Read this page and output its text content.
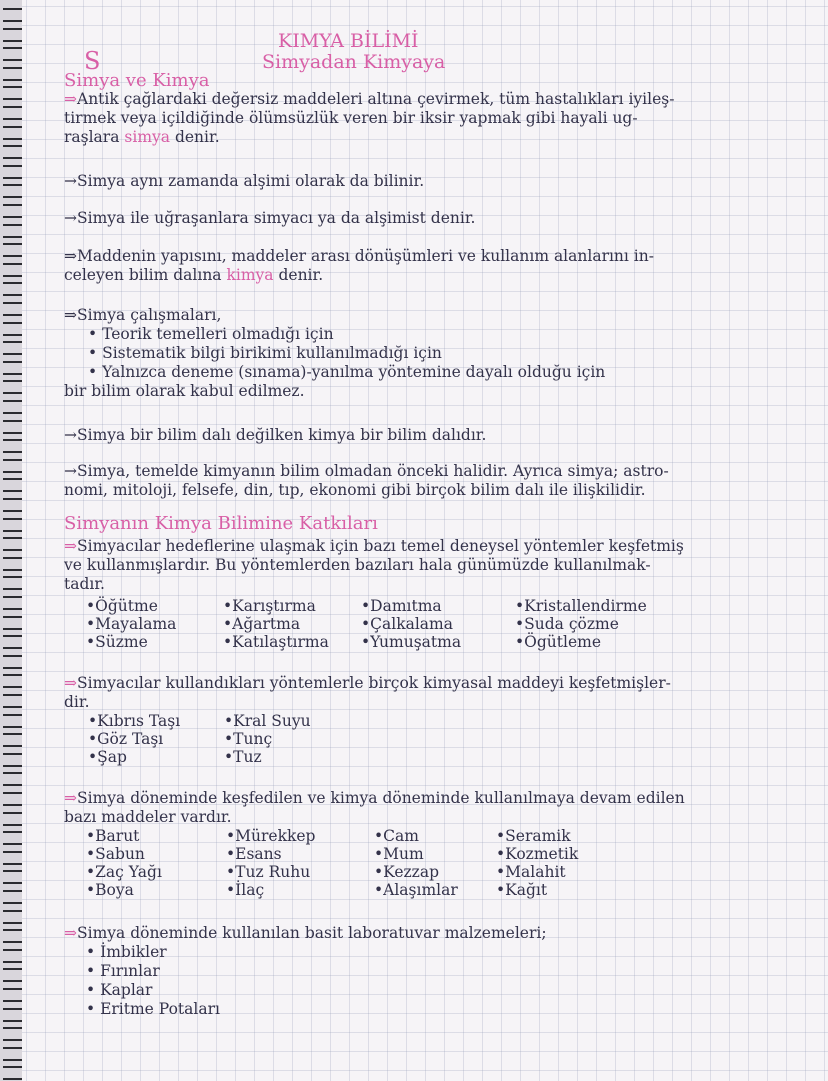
KIMYA BİLİMİ
S	Simyadan Kimyaya
Simya ve Kimya
⇒Antik çağlardaki değersiz maddeleri altına çevirmek, tüm hastalıkları iyileş-
tirmek veya içildiğinde ölümsüzlük veren bir iksir yapmak gibi hayali ug-
raşlara simya denir.
→Simya aynı zamanda alşimi olarak da bilinir.
→Simya ile uğraşanlara simyacı ya da alşimist denir.
⇒Maddenin yapısını, maddeler arası dönüşümleri ve kullanım alanlarını in-
celeyen bilim dalına kimya denir.
⇒Simya çalışmaları,
• Teorik temelleri olmadığı için
• Sistematik bilgi birikimi kullanılmadığı için
• Yalnızca deneme (sınama)-yanılma yöntemine dayalı olduğu için
bir bilim olarak kabul edilmez.
→Simya bir bilim dalı değilken kimya bir bilim dalıdır.
→Simya, temelde kimyanın bilim olmadan önceki halidir. Ayrıca simya; astro-
nomi, mitoloji, felsefe, din, tıp, ekonomi gibi birçok bilim dalı ile ilişkilidir.
Simyanın Kimya Bilimine Katkıları
⇒Simyacılar hedeflerine ulaşmak için bazı temel deneysel yöntemler keşfetmiş
ve kullanmışlardır. Bu yöntemlerden bazıları hala günümüzde kullanılmak-
tadır.
• Öğütme
• Mayalama
• Süzme
• Karıştırma
• Ağartma
• Katılaştırma
• Damıtma
• Çalkalama
• Yumuşatma
• Kristallendirme
• Suda çözme
• Ögütleme
⇒Simyacılar kullandıkları yöntemlerle birçok kimyasal maddeyi keşfetmişler-
dir.
• Kıbrıs Taşı
• Göz Taşı
• Şap
• Kral Suyu
• Tunç
• Tuz
⇒Simya döneminde keşfedilen ve kimya döneminde kullanılmaya devam edilen
bazı maddeler vardır.
• Barut
• Sabun
• Zaç Yağı
• Boya
• Mürekkep
• Esans
• Tuz Ruhu
• İlaç
• Cam
• Mum
• Kezzap
• Alaşımlar
• Seramik
• Kozmetik
• Malahit
• Kağıt
⇒Simya döneminde kullanılan basit laboratuvar malzemeleri;
• İmbikler
• Fırınlar
• Kaplar
• Eritme Potaları
